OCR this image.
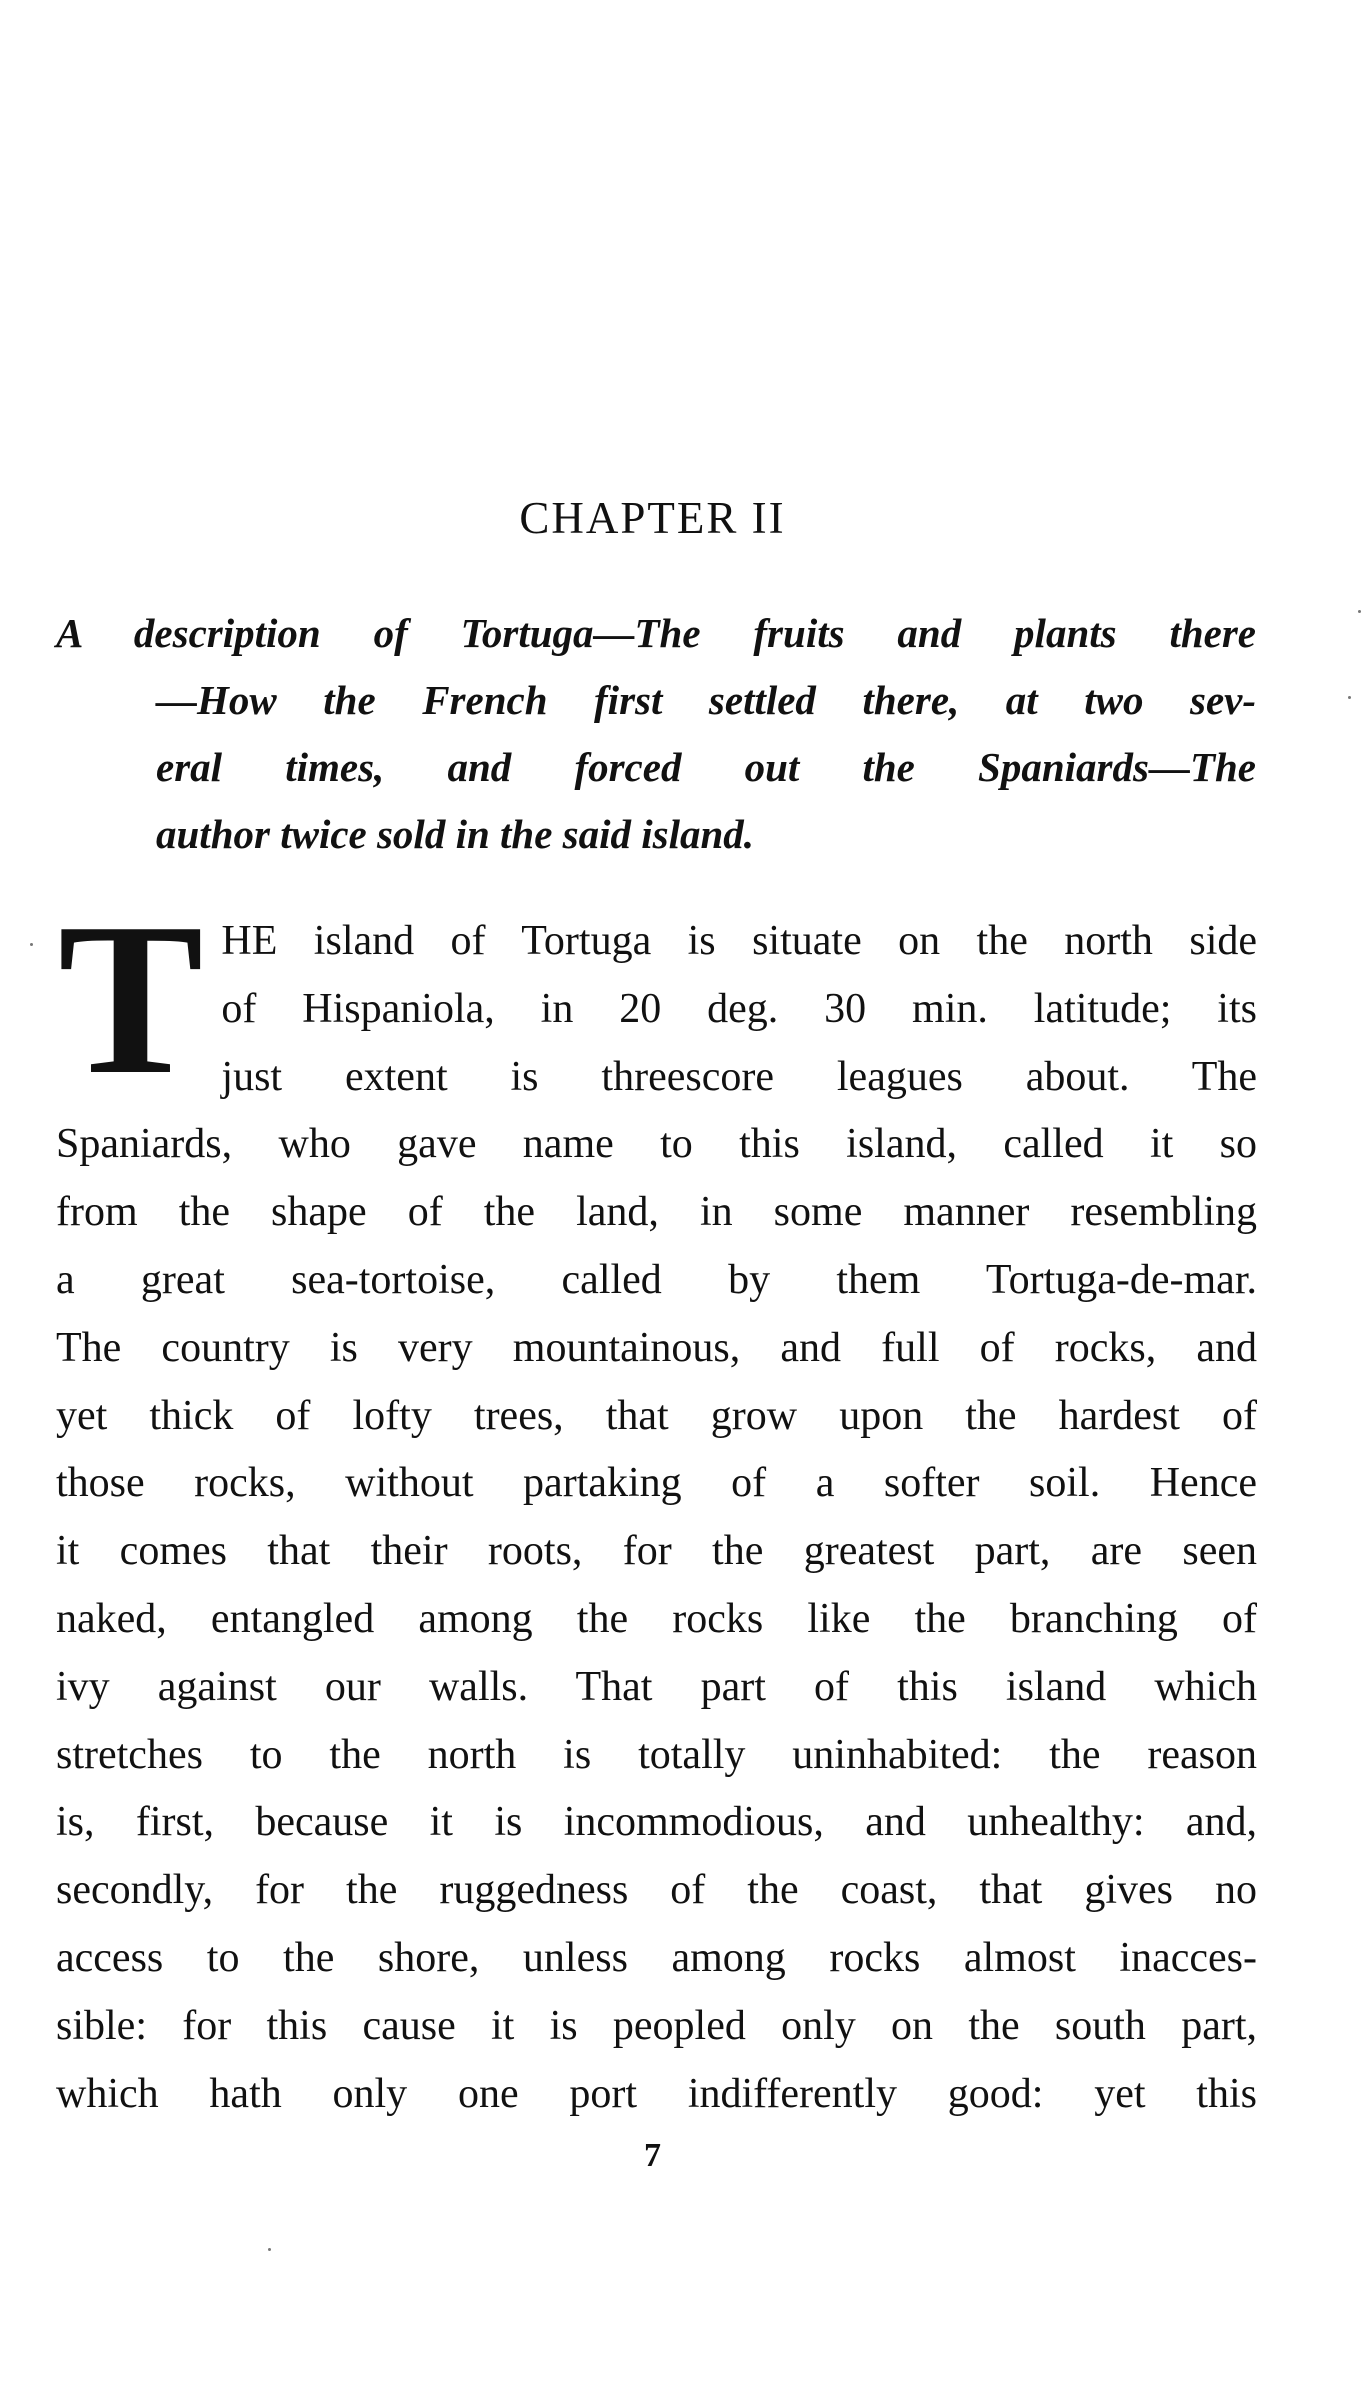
CHAPTER II
A description of Tortuga—The fruits and plants there
—How the French first settled there, at two sev-
eral times, and forced out the Spaniards—The
author twice sold in the said island.
T HE island of Tortuga is situate on the north side
of Hispaniola, in 20 deg. 30 min. latitude; its
just extent is threescore leagues about. The
Spaniards, who gave name to this island, called it so
from the shape of the land, in some manner resembling
a great sea-tortoise, called by them Tortuga-de-mar.
The country is very mountainous, and full of rocks, and
yet thick of lofty trees, that grow upon the hardest of
those rocks, without partaking of a softer soil. Hence
it comes that their roots, for the greatest part, are seen
naked, entangled among the rocks like the branching of
ivy against our walls. That part of this island which
stretches to the north is totally uninhabited: the reason
is, first, because it is incommodious, and unhealthy: and,
secondly, for the ruggedness of the coast, that gives no
access to the shore, unless among rocks almost inacces-
sible: for this cause it is peopled only on the south part,
which hath only one port indifferently good: yet this
7
